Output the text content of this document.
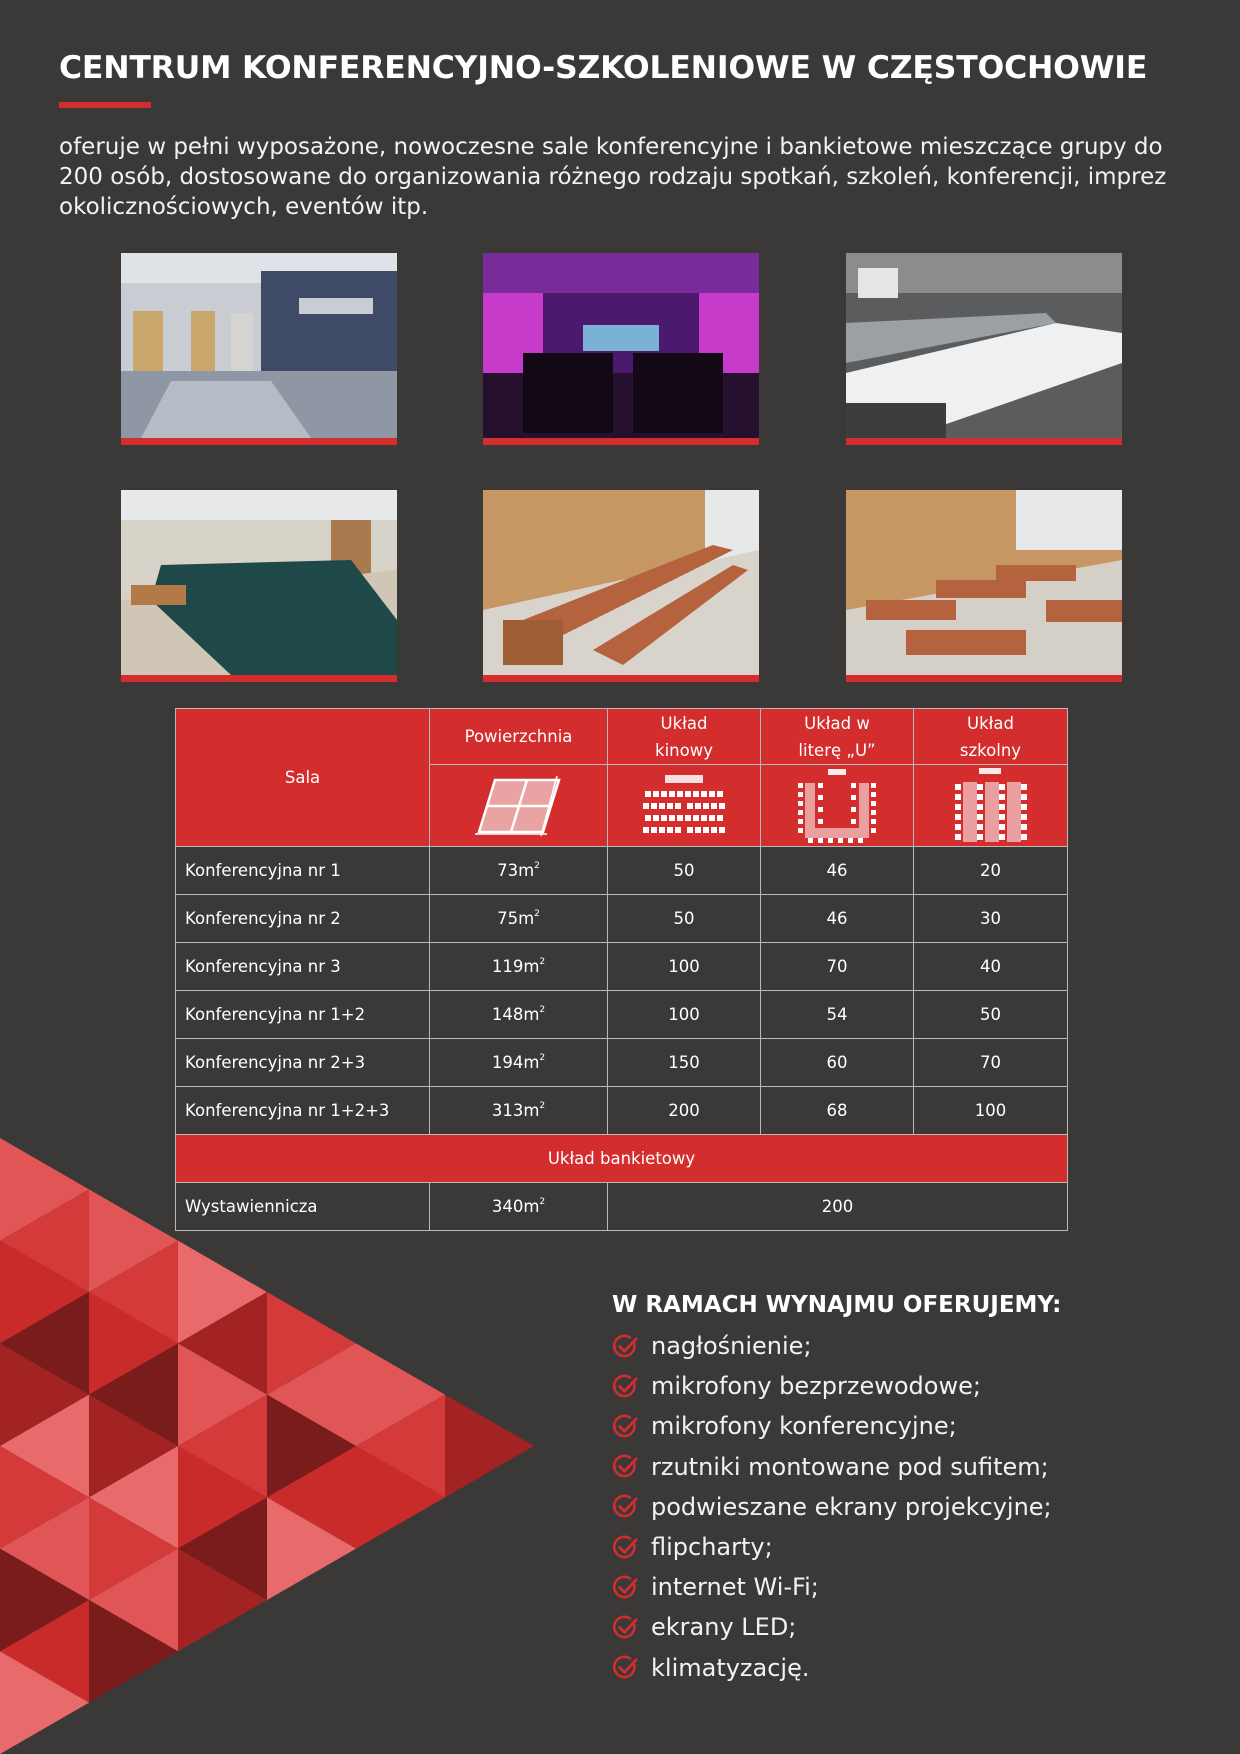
CENTRUM KONFERENCYJNO-SZKOLENIOWE W CZĘSTOCHOWIE

oferuje w pełni wyposażone, nowoczesne sale konferencyjne i bankietowe mieszczące grupy do 200 osób, dostosowane do organizowania różnego rodzaju spotkań, szkoleń, konferencji, imprez okolicznościowych, eventów itp.

Sala	Powierzchnia	Układ kinowy	Układ w literę „U”	Układ szkolny

Konferencyjna nr 1	$73m^2$	50	46	20
Konferencyjna nr 2	$75m^2$	50	46	30
Konferencyjna nr 3	$119m^2$	100	70	40
Konferencyjna nr 1+2	$148m^2$	100	54	50
Konferencyjna nr 2+3	$194m^2$	150	60	70
Konferencyjna nr 1+2+3	$313m^2$	200	68	100
Układ bankietowy				
Wystawiennicza	$340m^2$	200		
W RAMACH WYNAJMU OFERUJEMY:
nagłośnienie;
mikrofony bezprzewodowe;
mikrofony konferencyjne;
rzutniki montowane pod sufitem;
podwieszane ekrany projekcyjne;
flipcharty;
internet Wi-Fi;
ekrany LED;
klimatyzację.
